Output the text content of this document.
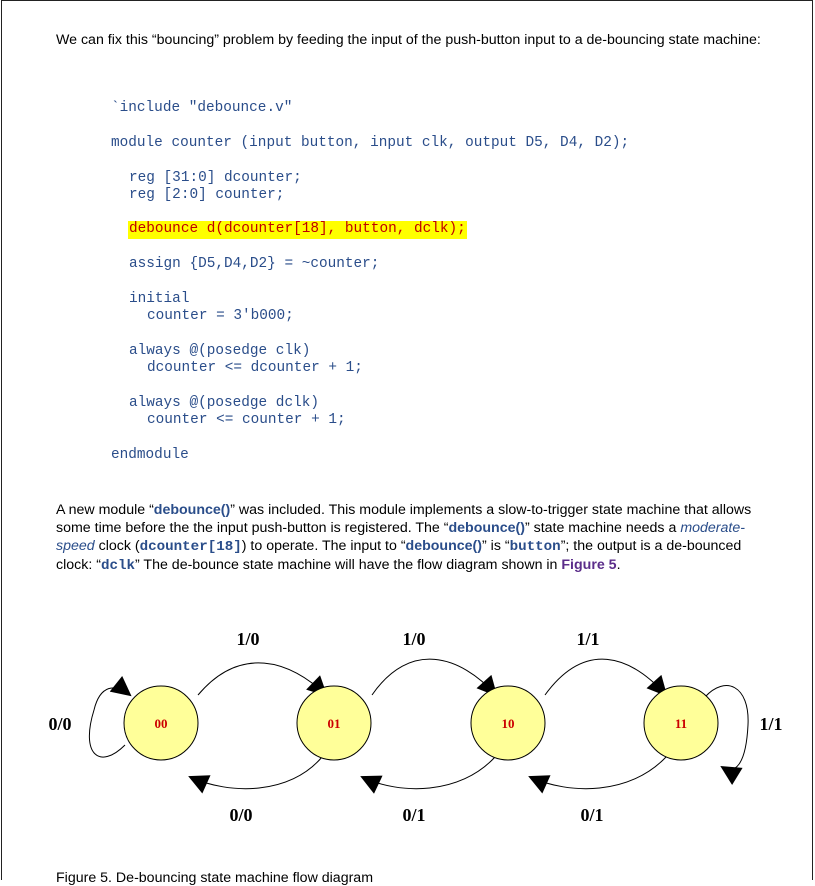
We can fix this “bouncing” problem by feeding the input of the push-button input to a de-bouncing state machine:

`include "debounce.v"
module counter (input button, input clk, output D5, D4, D2);
reg [31:0] dcounter;
reg [2:0] counter;
debounce d(dcounter[18], button, dclk);
assign {D5,D4,D2} = ~counter;
initial
counter = 3'b000;
always @(posedge clk)
dcounter <= dcounter + 1;
always @(posedge dclk)
counter <= counter + 1;
endmodule

A new module “debounce()” was included. This module implements a slow-to-trigger state machine that allows some time before the the input push-button is registered. The “debounce()” state machine needs a moderate-speed clock (dcounter[18]) to operate. The input to “debounce()” is “button”; the output is a de-bounced clock: “dclk” The de-bounce state machine will have the flow diagram shown in Figure 5.

00	01	10	11
1/0	1/0	1/1
0/0	0/1	0/1
0/0	1/1
Figure 5. De-bouncing state machine flow diagram
